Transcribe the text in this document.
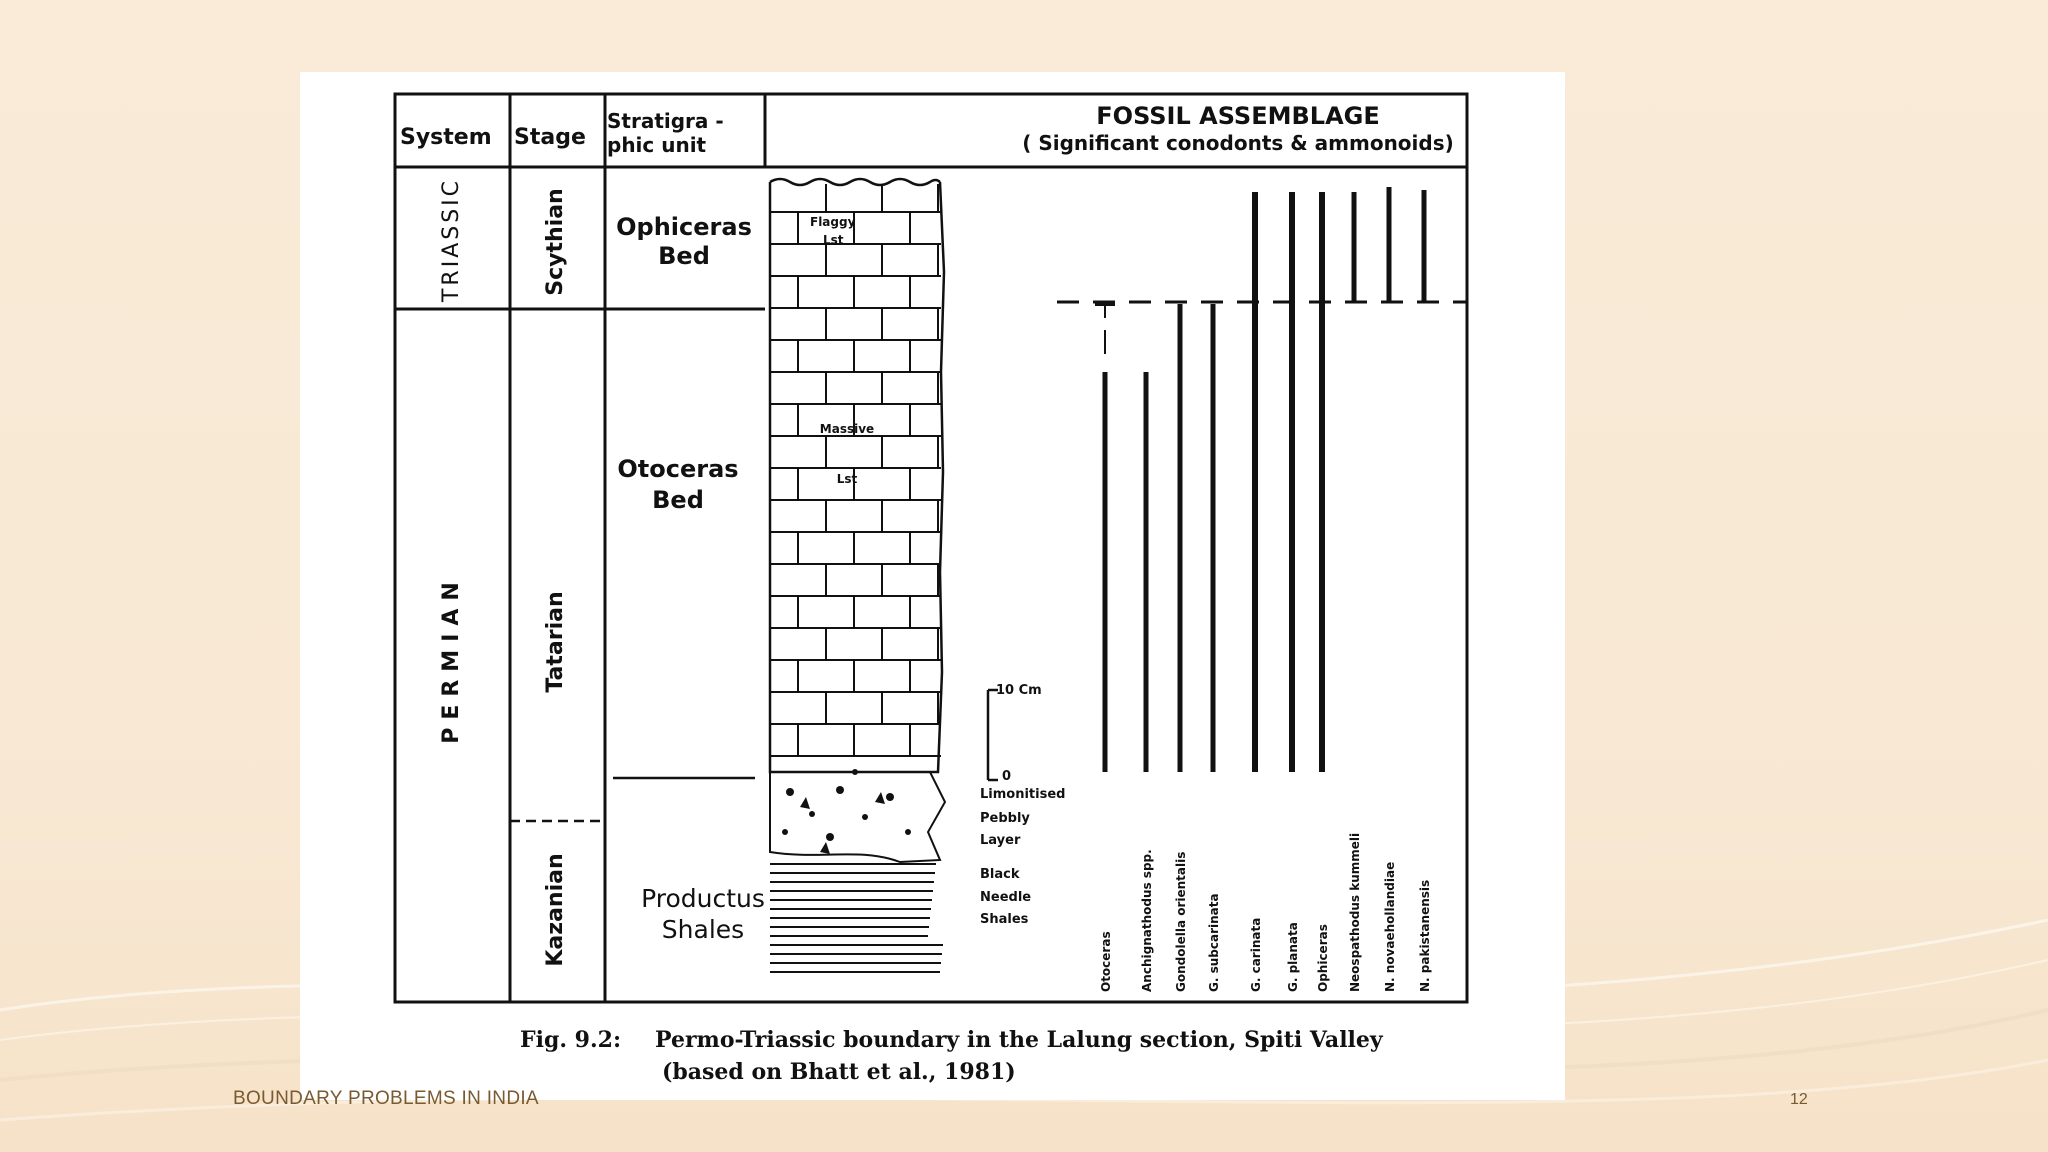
System Stage
Stratigra -
phic unit
FOSSIL ASSEMBLAGE
( Significant conodonts & ammonoids)
TRIASSIC
PERMIAN
Scythian
Tatarian
Kazanian
Ophiceras
Bed
Otoceras
Bed
Productus
Shales
Flaggy
Lst
Massive
Lst
Limonitised
Pebbly
Layer
Black
Needle
Shales
10 Cm
0
Otoceras Anchignathodus spp. Gondolella orientalis G. subcarinata G. carinata G. planata Ophiceras Neospathodus kummeli N. novaehollandiae N. pakistanensis
Fig. 9.2: Permo-Triassic boundary in the Lalung section, Spiti Valley
(based on Bhatt et al., 1981)
BOUNDARY PROBLEMS IN INDIA	12
